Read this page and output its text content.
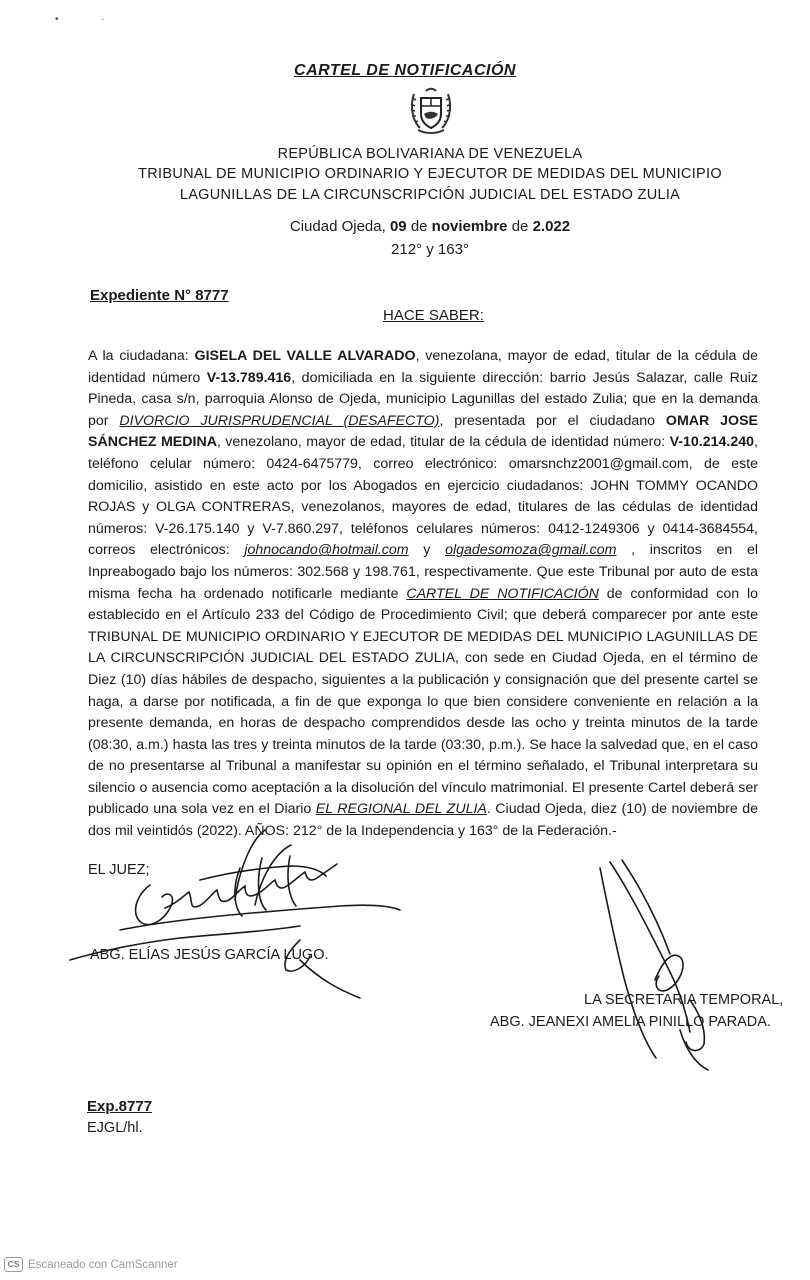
• ·
CARTEL DE NOTIFICACIÓN
REPÚBLICA BOLIVARIANA DE VENEZUELA
TRIBUNAL DE MUNICIPIO ORDINARIO Y EJECUTOR DE MEDIDAS DEL MUNICIPIO
LAGUNILLAS DE LA CIRCUNSCRIPCIÓN JUDICIAL DEL ESTADO ZULIA
Ciudad Ojeda, 09 de noviembre de 2.022
212° y 163°
Expediente N° 8777
HACE SABER:
A la ciudadana: GISELA DEL VALLE ALVARADO, venezolana, mayor de edad, titular de la cédula de identidad número V-13.789.416, domiciliada en la siguiente dirección: barrio Jesús Salazar, calle Ruiz Pineda, casa s/n, parroquia Alonso de Ojeda, municipio Lagunillas del estado Zulia; que en la demanda por DIVORCIO JURISPRUDENCIAL (DESAFECTO), presentada por el ciudadano OMAR JOSE SÁNCHEZ MEDINA, venezolano, mayor de edad, titular de la cédula de identidad número: V-10.214.240, teléfono celular número: 0424-6475779, correo electrónico: omarsnchz2001@gmail.com, de este domicilio, asistido en este acto por los Abogados en ejercicio ciudadanos: JOHN TOMMY OCANDO ROJAS y OLGA CONTRERAS, venezolanos, mayores de edad, titulares de las cédulas de identidad números: V-26.175.140 y V-7.860.297, teléfonos celulares números: 0412-1249306 y 0414-3684554, correos electrónicos: johnocando@hotmail.com y olgadesomoza@gmail.com , inscritos en el Inpreabogado bajo los números: 302.568 y 198.761, respectivamente. Que este Tribunal por auto de esta misma fecha ha ordenado notificarle mediante CARTEL DE NOTIFICACIÓN de conformidad con lo establecido en el Artículo 233 del Código de Procedimiento Civil; que deberá comparecer por ante este TRIBUNAL DE MUNICIPIO ORDINARIO Y EJECUTOR DE MEDIDAS DEL MUNICIPIO LAGUNILLAS DE LA CIRCUNSCRIPCIÓN JUDICIAL DEL ESTADO ZULIA, con sede en Ciudad Ojeda, en el término de Diez (10) días hábiles de despacho, siguientes a la publicación y consignación que del presente cartel se haga, a darse por notificada, a fin de que exponga lo que bien considere conveniente en relación a la presente demanda, en horas de despacho comprendidos desde las ocho y treinta minutos de la tarde (08:30, a.m.) hasta las tres y treinta minutos de la tarde (03:30, p.m.). Se hace la salvedad que, en el caso de no presentarse al Tribunal a manifestar su opinión en el término señalado, el Tribunal interpretara su silencio o ausencia como aceptación a la disolución del vínculo matrimonial. El presente Cartel deberá ser publicado una sola vez en el Diario EL REGIONAL DEL ZULIA. Ciudad Ojeda, diez (10) de noviembre de dos mil veintidós (2022). AÑOS: 212° de la Independencia y 163° de la Federación.-
EL JUEZ;
ABG. ELÍAS JESÚS GARCÍA LUGO.
LA SECRETARIA TEMPORAL,
ABG. JEANEXI AMELIA PINILLO PARADA.
Exp.8777
EJGL/hl.
CS Escaneado con CamScanner
